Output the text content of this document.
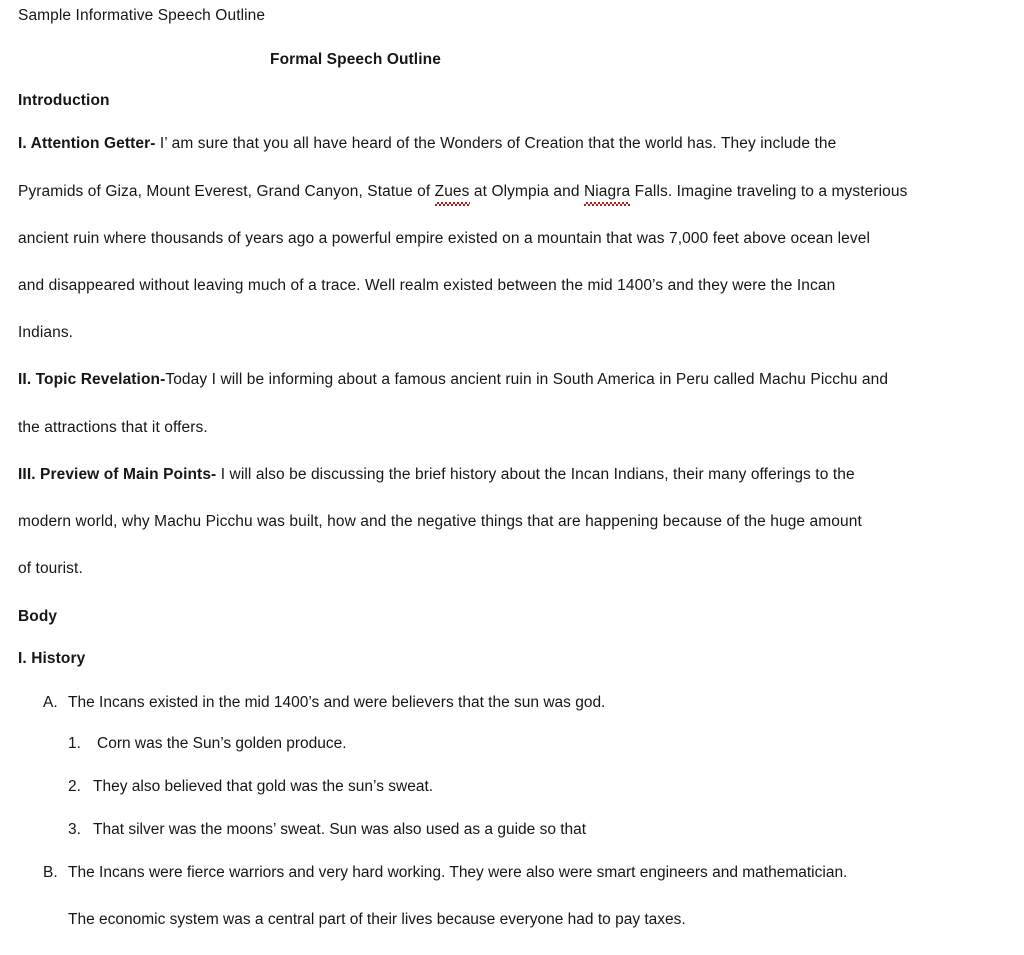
Sample Informative Speech Outline
Formal Speech Outline
Introduction
I. Attention Getter- I’ am sure that you all have heard of the Wonders of Creation that the world has. They include the
Pyramids of Giza, Mount Everest, Grand Canyon, Statue of Zues at Olympia and Niagra Falls. Imagine traveling to a mysterious
ancient ruin where thousands of years ago a powerful empire existed on a mountain that was 7,000 feet above ocean level
and disappeared without leaving much of a trace. Well realm existed between the mid 1400’s and they were the Incan
Indians.
II. Topic Revelation-Today I will be informing about a famous ancient ruin in South America in Peru called Machu Picchu and
the attractions that it offers.
III. Preview of Main Points- I will also be discussing the brief history about the Incan Indians, their many offerings to the
modern world, why Machu Picchu was built, how and the negative things that are happening because of the huge amount
of tourist.
Body
I. History
A. The Incans existed in the mid 1400’s and were believers that the sun was god.
1. Corn was the Sun’s golden produce.
2. They also believed that gold was the sun’s sweat.
3. That silver was the moons’ sweat. Sun was also used as a guide so that
B. The Incans were fierce warriors and very hard working. They were also were smart engineers and mathematician.
The economic system was a central part of their lives because everyone had to pay taxes.
